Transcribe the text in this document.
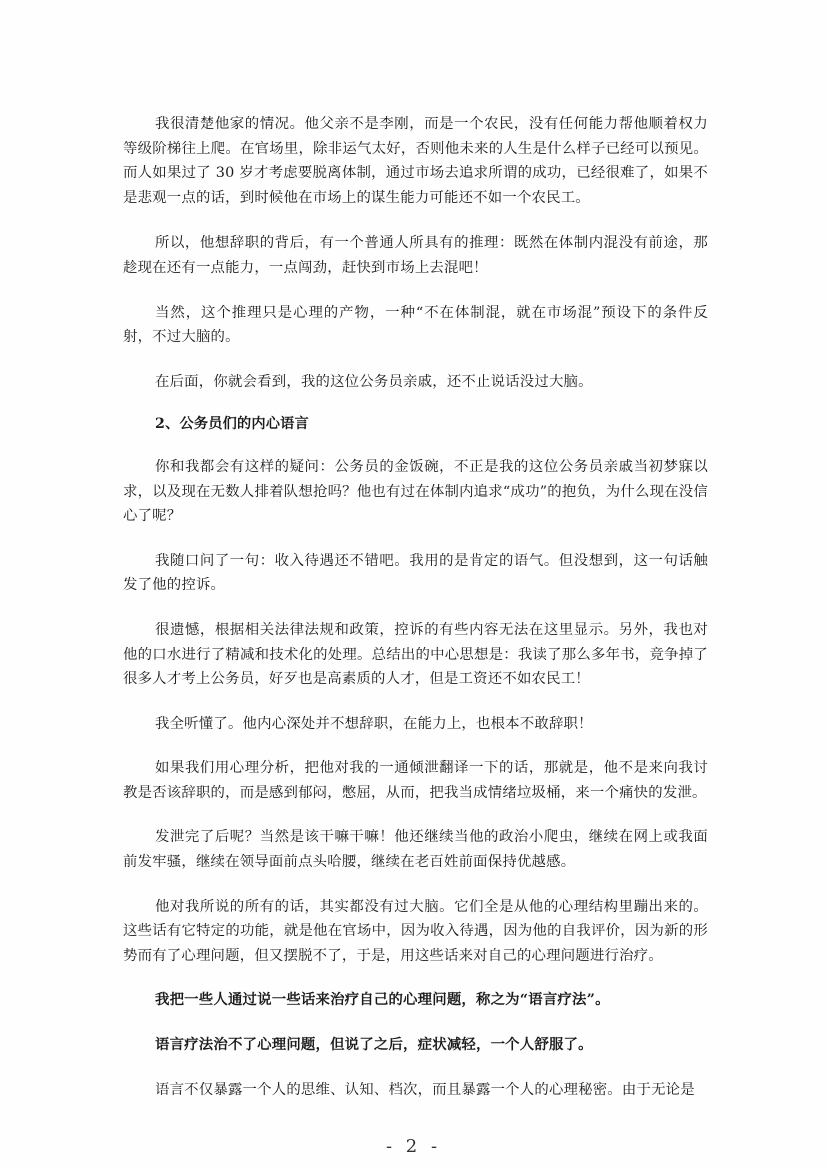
我很清楚他家的情况。他父亲不是李刚，而是一个农民，没有任何能力帮他顺着权力等级阶梯往上爬。在官场里，除非运气太好，否则他未来的人生是什么样子已经可以预见。而人如果过了 30 岁才考虑要脱离体制，通过市场去追求所谓的成功，已经很难了，如果不是悲观一点的话，到时候他在市场上的谋生能力可能还不如一个农民工。

所以，他想辞职的背后，有一个普通人所具有的推理：既然在体制内混没有前途，那趁现在还有一点能力，一点闯劲，赶快到市场上去混吧！

当然，这个推理只是心理的产物，一种“不在体制混，就在市场混”预设下的条件反射，不过大脑的。

在后面，你就会看到，我的这位公务员亲戚，还不止说话没过大脑。

2、公务员们的内心语言

你和我都会有这样的疑问：公务员的金饭碗，不正是我的这位公务员亲戚当初梦寐以求，以及现在无数人排着队想抢吗？他也有过在体制内追求“成功”的抱负，为什么现在没信心了呢？

我随口问了一句：收入待遇还不错吧。我用的是肯定的语气。但没想到，这一句话触发了他的控诉。

很遗憾，根据相关法律法规和政策，控诉的有些内容无法在这里显示。另外，我也对他的口水进行了精减和技术化的处理。总结出的中心思想是：我读了那么多年书，竞争掉了很多人才考上公务员，好歹也是高素质的人才，但是工资还不如农民工！

我全听懂了。他内心深处并不想辞职，在能力上，也根本不敢辞职！

如果我们用心理分析，把他对我的一通倾泄翻译一下的话，那就是，他不是来向我讨教是否该辞职的，而是感到郁闷，憋屈，从而，把我当成情绪垃圾桶，来一个痛快的发泄。

发泄完了后呢？当然是该干嘛干嘛！他还继续当他的政治小爬虫，继续在网上或我面前发牢骚，继续在领导面前点头哈腰，继续在老百姓前面保持优越感。

他对我所说的所有的话，其实都没有过大脑。它们全是从他的心理结构里蹦出来的。这些话有它特定的功能，就是他在官场中，因为收入待遇，因为他的自我评价，因为新的形势而有了心理问题，但又摆脱不了，于是，用这些话来对自己的心理问题进行治疗。

我把一些人通过说一些话来治疗自己的心理问题，称之为“语言疗法”。

语言疗法治不了心理问题，但说了之后，症状减轻，一个人舒服了。

语言不仅暴露一个人的思维、认知、档次，而且暴露一个人的心理秘密。由于无论是

- 2 -
